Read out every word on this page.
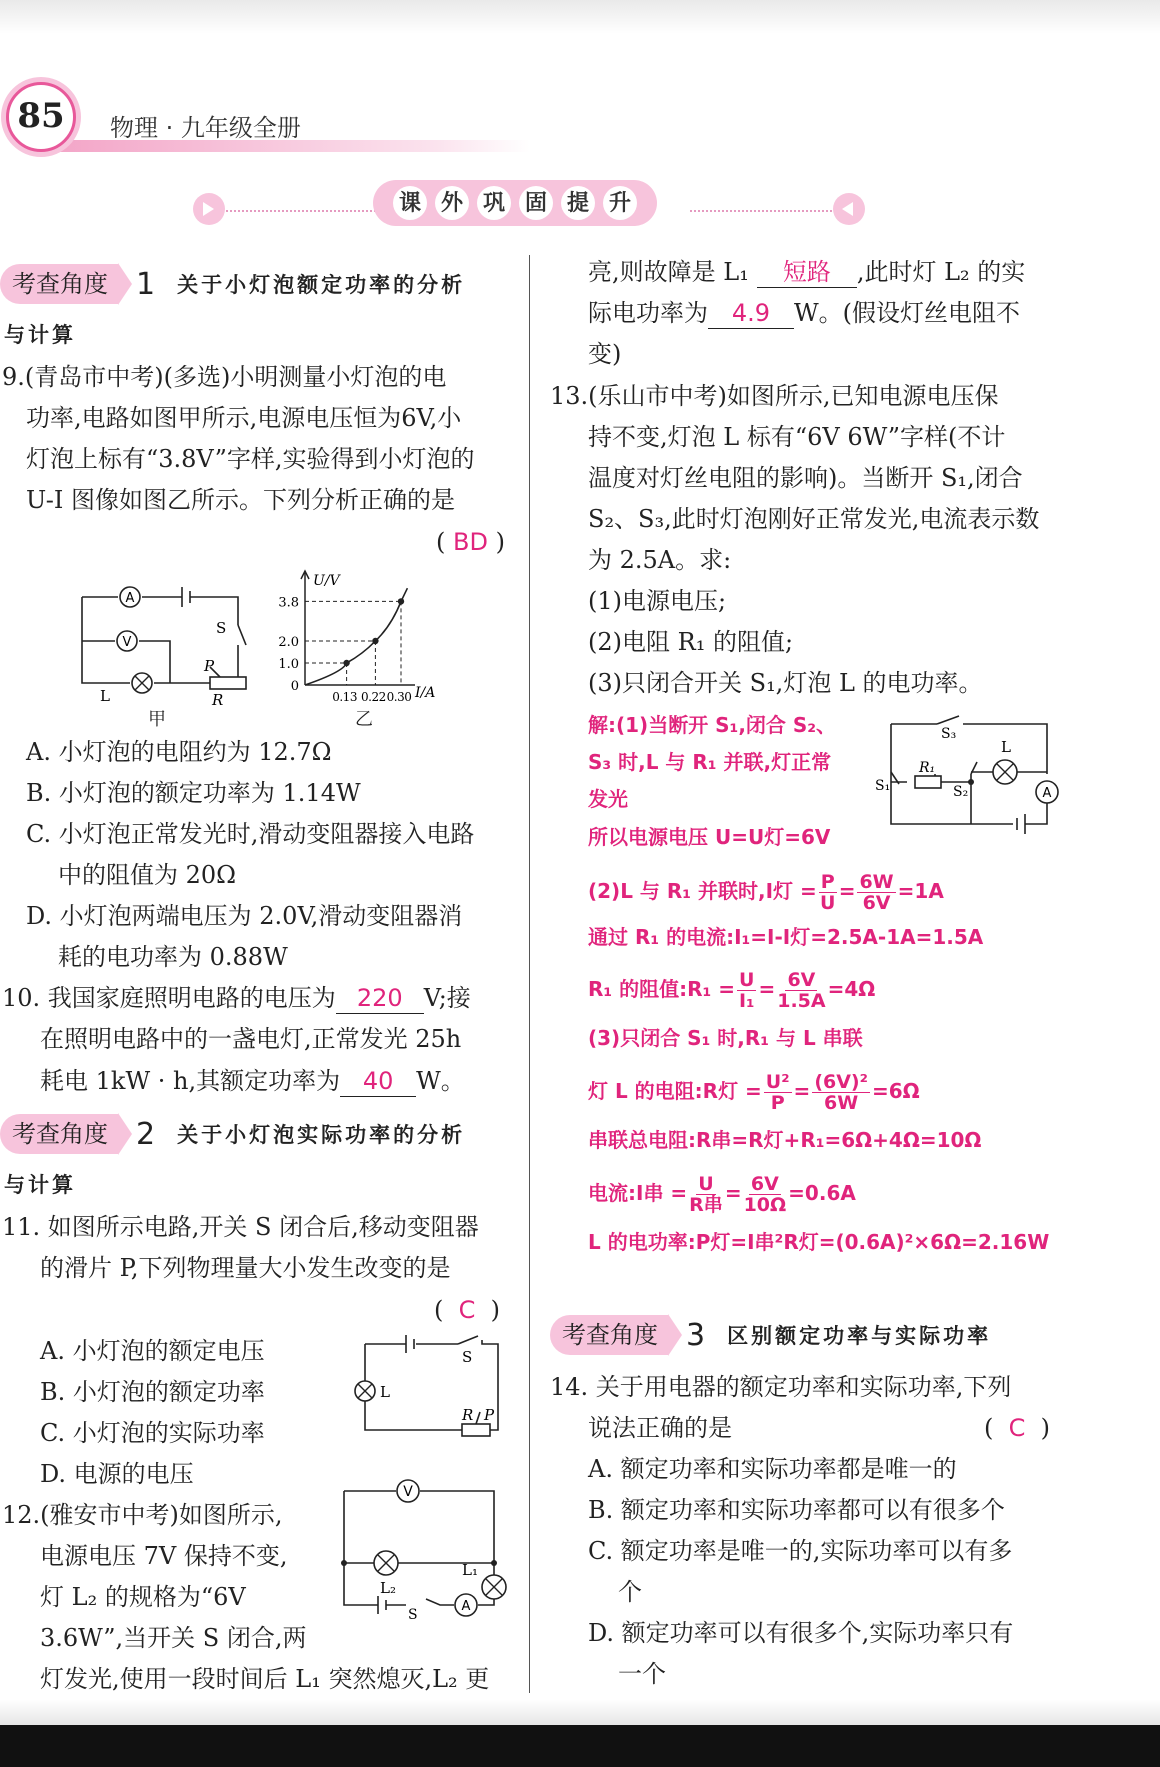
85	物理 · 九年级全册
课 外 巩 固 提 升
考查角度 1 关于小灯泡额定功率的分析
与计算
9.(青岛市中考)(多选)小明测量小灯泡的电
功率,电路如图甲所示,电源电压恒为6V,小
灯泡上标有“3.8V”字样,实验得到小灯泡的
U-I 图像如图乙所示。下列分析正确的是
( BD )
A
V
S
P
L	R
甲
U/V
I/A
3.8
2.0
1.0
0
0.13 0.22 0.30
乙
A. 小灯泡的电阻约为 12.7Ω
B. 小灯泡的额定功率为 1.14W
C. 小灯泡正常发光时,滑动变阻器接入电路
中的阻值为 20Ω
D. 小灯泡两端电压为 2.0V,滑动变阻器消
耗的电功率为 0.88W
10. 我国家庭照明电路的电压为 220 V;接
在照明电路中的一盏电灯,正常发光 25h
耗电 1kW · h,其额定功率为 40 W。
考查角度 2 关于小灯泡实际功率的分析
与计算
11. 如图所示电路,开关 S 闭合后,移动变阻器
的滑片 P,下列物理量大小发生改变的是
(  C  )
A. 小灯泡的额定电压
B. 小灯泡的额定功率
C. 小灯泡的实际功率
D. 电源的电压
S
L
R P
12.(雅安市中考)如图所示,
电源电压 7V 保持不变,
灯 L₂ 的规格为“6V
3.6W”,当开关 S 闭合,两
灯发光,使用一段时间后 L₁ 突然熄灭,L₂ 更
V
L₂
L₁
S
A
亮,则故障是 L₁ 短路 ,此时灯 L₂ 的实
际电功率为 4.9 W。(假设灯丝电阻不
变)
13.(乐山市中考)如图所示,已知电源电压保
持不变,灯泡 L 标有“6V 6W”字样(不计
温度对灯丝电阻的影响)。当断开 S₁,闭合
S₂、S₃,此时灯泡刚好正常发光,电流表示数
为 2.5A。求:
(1)电源电压;
(2)电阻 R₁ 的阻值;
(3)只闭合开关 S₁,灯泡 L 的电功率。
解:(1)当断开 S₁,闭合 S₂、
S₃ 时,L 与 R₁ 并联,灯正常
发光
所以电源电压 U=U灯=6V
S₃
L
R₁
S₁	S₂	A
(2)L 与 R₁ 并联时,I灯 = $\frac{P}{U} = \frac{6W}{6V} =1A$
通过 R₁ 的电流:I₁=I-I灯=2.5A-1A=1.5A
R₁ 的阻值:R₁ = $\frac{U}{\text{I₁}} = \frac{6V}{1.5A} =4\Omega$
(3)只闭合 S₁ 时,R₁ 与 L 串联
灯 L 的电阻:R灯 = $\frac{\text{U²}}{P} = \frac{\text{(6V)²}}{6W} =6\Omega$
串联总电阻:R串=R灯+R₁=6Ω+4Ω=10Ω
电流:I串 = $\frac{U}{\text{R串}} = \frac{6V}{10\Omega} =0.6A$
L 的电功率:P灯=I串²R灯=(0.6A)²×6Ω=2.16W
考查角度 3 区别额定功率与实际功率
14. 关于用电器的额定功率和实际功率,下列
说法正确的是	(  C  )
A. 额定功率和实际功率都是唯一的
B. 额定功率和实际功率都可以有很多个
C. 额定功率是唯一的,实际功率可以有多
个
D. 额定功率可以有很多个,实际功率只有
一个
